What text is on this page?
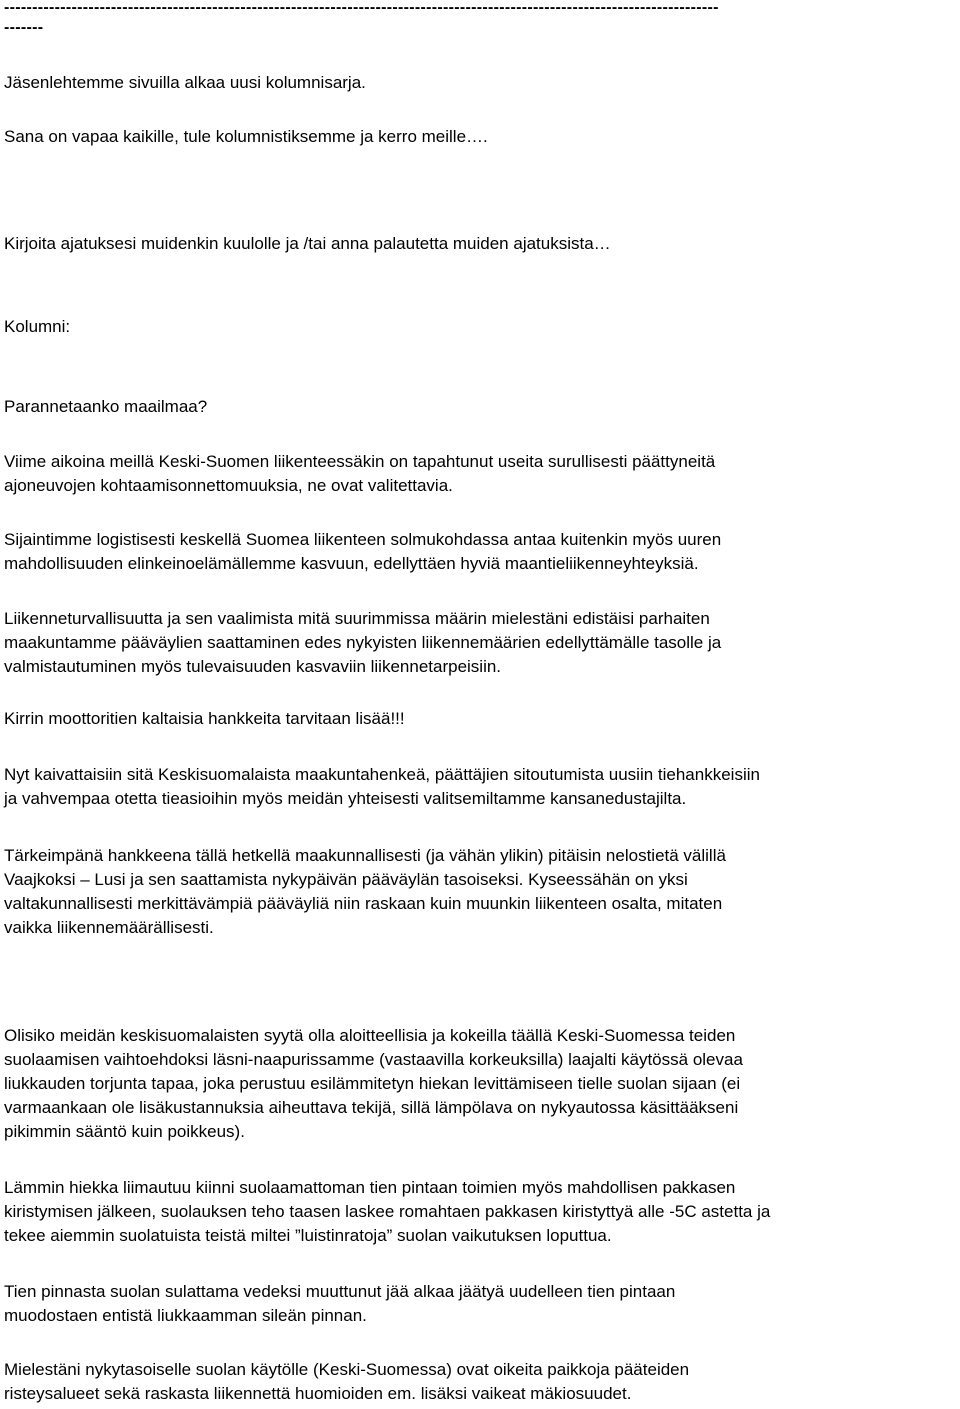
-------------------------------------------------------------------------------------------------------------------------------
-------

Jäsenlehtemme sivuilla alkaa uusi kolumnisarja.

Sana on vapaa kaikille, tule kolumnistiksemme ja kerro meille….

Kirjoita ajatuksesi muidenkin kuulolle ja /tai anna palautetta muiden ajatuksista…

Kolumni:

Parannetaanko maailmaa?

Viime aikoina meillä Keski-Suomen liikenteessäkin on tapahtunut useita surullisesti päättyneitä

ajoneuvojen kohtaamisonnettomuuksia, ne ovat valitettavia.

Sijaintimme logistisesti keskellä Suomea liikenteen solmukohdassa antaa kuitenkin myös uuren

mahdollisuuden elinkeinoelämällemme kasvuun, edellyttäen hyviä maantieliikenneyhteyksiä.

Liikenneturvallisuutta ja sen vaalimista mitä suurimmissa määrin mielestäni edistäisi parhaiten

maakuntamme pääväylien saattaminen edes nykyisten liikennemäärien edellyttämälle tasolle ja

valmistautuminen myös tulevaisuuden kasvaviin liikennetarpeisiin.

Kirrin moottoritien kaltaisia hankkeita tarvitaan lisää!!!

Nyt kaivattaisiin sitä Keskisuomalaista maakuntahenkeä, päättäjien sitoutumista uusiin tiehankkeisiin

ja vahvempaa otetta tieasioihin myös meidän yhteisesti valitsemiltamme kansanedustajilta.

Tärkeimpänä hankkeena tällä hetkellä maakunnallisesti (ja vähän ylikin) pitäisin nelostietä välillä

Vaajkoksi – Lusi ja sen saattamista nykypäivän pääväylän tasoiseksi. Kyseessähän on yksi

valtakunnallisesti merkittävämpiä pääväyliä niin raskaan kuin muunkin liikenteen osalta, mitaten

vaikka liikennemäärällisesti.

Olisiko meidän keskisuomalaisten syytä olla aloitteellisia ja kokeilla täällä Keski-Suomessa teiden

suolaamisen vaihtoehdoksi läsni-naapurissamme (vastaavilla korkeuksilla) laajalti käytössä olevaa

liukkauden torjunta tapaa, joka perustuu esilämmitetyn hiekan levittämiseen tielle suolan sijaan (ei

varmaankaan ole lisäkustannuksia aiheuttava tekijä, sillä lämpölava on nykyautossa käsittääkseni

pikimmin sääntö kuin poikkeus).

Lämmin hiekka liimautuu kiinni suolaamattoman tien pintaan toimien myös mahdollisen pakkasen

kiristymisen jälkeen, suolauksen teho taasen laskee romahtaen pakkasen kiristyttyä alle -5C astetta ja

tekee aiemmin suolatuista teistä miltei ”luistinratoja” suolan vaikutuksen loputtua.

Tien pinnasta suolan sulattama vedeksi muuttunut jää alkaa jäätyä uudelleen tien pintaan

muodostaen entistä liukkaamman sileän pinnan.

Mielestäni nykytasoiselle suolan käytölle (Keski-Suomessa) ovat oikeita paikkoja pääteiden

risteysalueet sekä raskasta liikennettä huomioiden em. lisäksi vaikeat mäkiosuudet.
